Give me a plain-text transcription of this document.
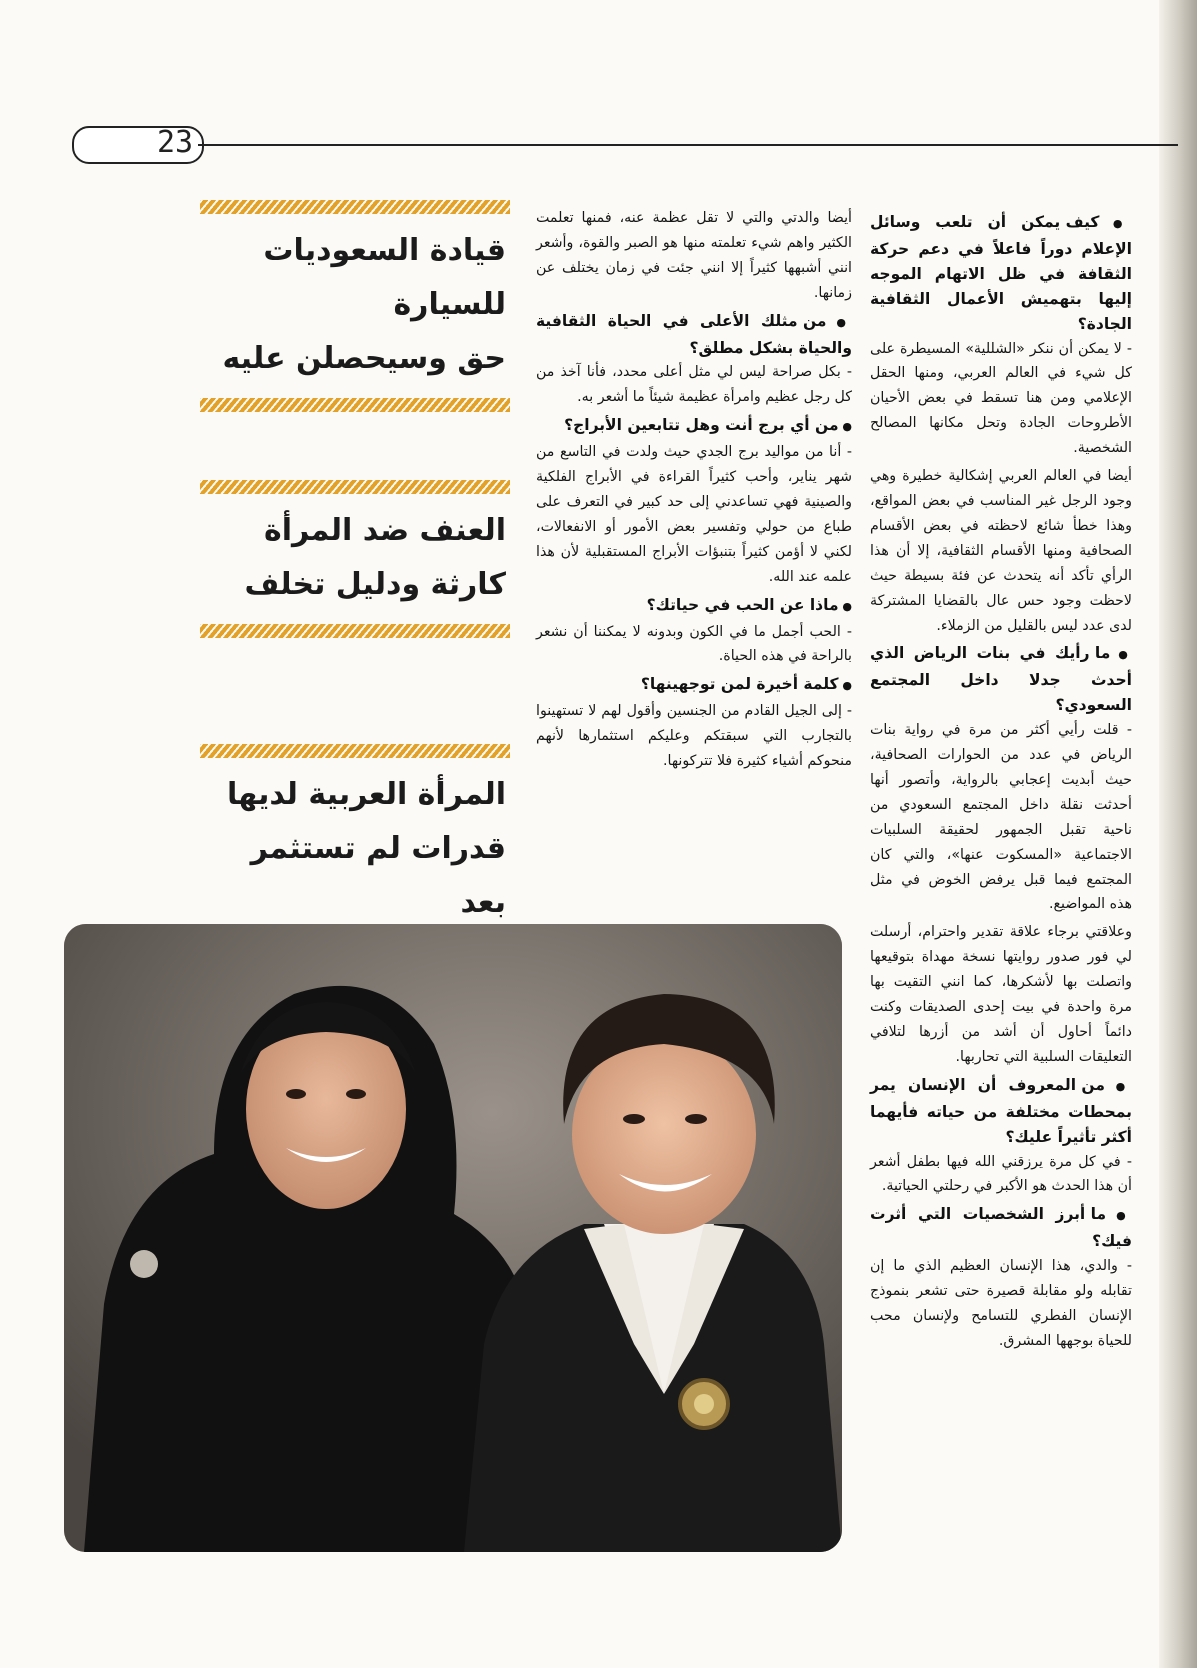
23

● كيف يمكن أن تلعب وسائل الإعلام دوراً فاعلاً في دعم حركة الثقافة في ظل الاتهام الموجه إليها بتهميش الأعمال الثقافية الجادة؟

- لا يمكن أن ننكر «الشللية» المسيطرة على كل شيء في العالم العربي، ومنها الحقل الإعلامي ومن هنا تسقط في بعض الأحيان الأطروحات الجادة وتحل مكانها المصالح الشخصية.

أيضا في العالم العربي إشكالية خطيرة وهي وجود الرجل غير المناسب في بعض المواقع، وهذا خطأ شائع لاحظته في بعض الأقسام الصحافية ومنها الأقسام الثقافية، إلا أن هذا الرأي تأكد أنه يتحدث عن فئة بسيطة حيث لاحظت وجود حس عال بالقضايا المشتركة لدى عدد ليس بالقليل من الزملاء.

● ما رأيك في بنات الرياض الذي أحدث جدلا داخل المجتمع السعودي؟

- قلت رأيي أكثر من مرة في رواية بنات الرياض في عدد من الحوارات الصحافية، حيث أبديت إعجابي بالرواية، وأتصور أنها أحدثت نقلة داخل المجتمع السعودي من ناحية تقبل الجمهور لحقيقة السلبيات الاجتماعية «المسكوت عنها»، والتي كان المجتمع فيما قبل يرفض الخوض في مثل هذه المواضيع.

وعلاقتي برجاء علاقة تقدير واحترام، أرسلت لي فور صدور روايتها نسخة مهداة بتوقيعها واتصلت بها لأشكرها، كما انني التقيت بها مرة واحدة في بيت إحدى الصديقات وكنت دائماً أحاول أن أشد من أزرها لتلافي التعليقات السلبية التي تحاربها.

● من المعروف أن الإنسان يمر بمحطات مختلفة من حياته فأيهما أكثر تأثيراً عليك؟

- في كل مرة يرزقني الله فيها بطفل أشعر أن هذا الحدث هو الأكبر في رحلتي الحياتية.

● ما أبرز الشخصيات التي أثرت فيك؟

- والدي، هذا الإنسان العظيم الذي ما إن تقابله ولو مقابلة قصيرة حتى تشعر بنموذج الإنسان الفطري للتسامح ولإنسان محب للحياة بوجهها المشرق.

أيضا والدتي والتي لا تقل عظمة عنه، فمنها تعلمت الكثير واهم شيء تعلمته منها هو الصبر والقوة، وأشعر انني أشبهها كثيراً إلا انني جئت في زمان يختلف عن زمانها.

● من مثلك الأعلى في الحياة الثقافية والحياة بشكل مطلق؟

- بكل صراحة ليس لي مثل أعلى محدد، فأنا آخذ من كل رجل عظيم وامرأة عظيمة شيئاً ما أشعر به.

● من أي برج أنت وهل تتابعين الأبراج؟

- أنا من مواليد برج الجدي حيث ولدت في التاسع من شهر يناير، وأحب كثيراً القراءة في الأبراج الفلكية والصينية فهي تساعدني إلى حد كبير في التعرف على طباع من حولي وتفسير بعض الأمور أو الانفعالات، لكني لا أؤمن كثيراً بتنبؤات الأبراج المستقبلية لأن هذا علمه عند الله.

● ماذا عن الحب في حياتك؟

- الحب أجمل ما في الكون وبدونه لا يمكننا أن نشعر بالراحة في هذه الحياة.

● كلمة أخيرة لمن توجهينها؟

- إلى الجيل القادم من الجنسين وأقول لهم لا تستهينوا بالتجارب التي سبقتكم وعليكم استثمارها لأنهم منحوكم أشياء كثيرة فلا تتركونها.

قيادة السعوديات للسيارة
حق وسيحصلن عليه
العنف ضد المرأة
كارثة ودليل تخلف
المرأة العربية لديها
قدرات لم تستثمر بعد
